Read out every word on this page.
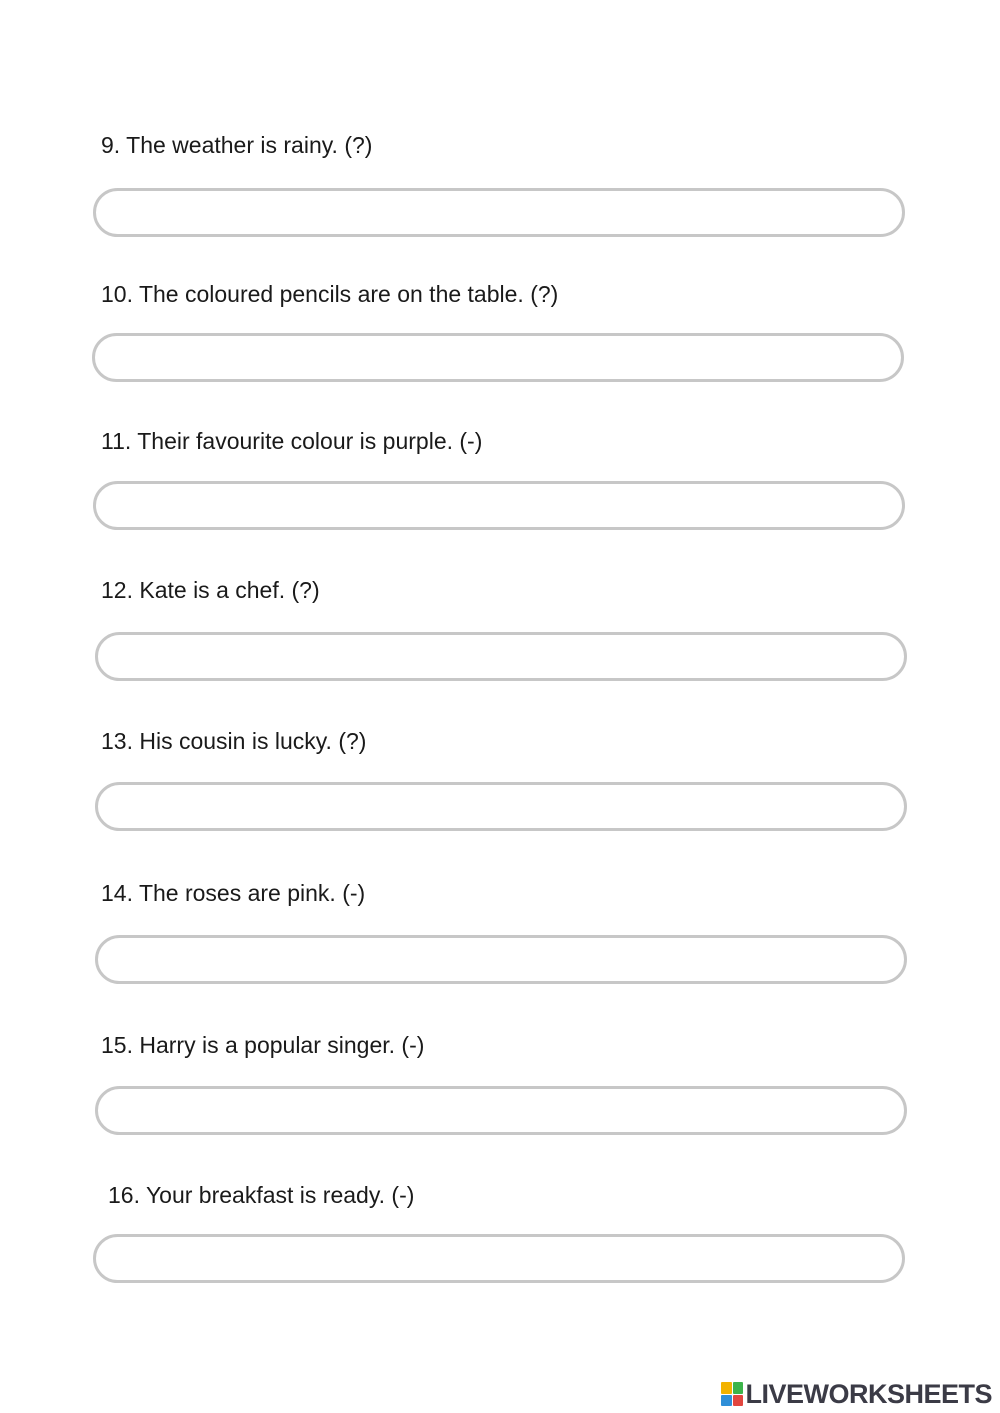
9. The weather is rainy. (?)
10. The coloured pencils are on the table. (?)
11. Their favourite colour is purple. (-)
12. Kate is a chef. (?)
13. His cousin is lucky. (?)
14. The roses are pink. (-)
15. Harry is a popular singer. (-)
16. Your breakfast is ready. (-)
LIVEWORKSHEETS
